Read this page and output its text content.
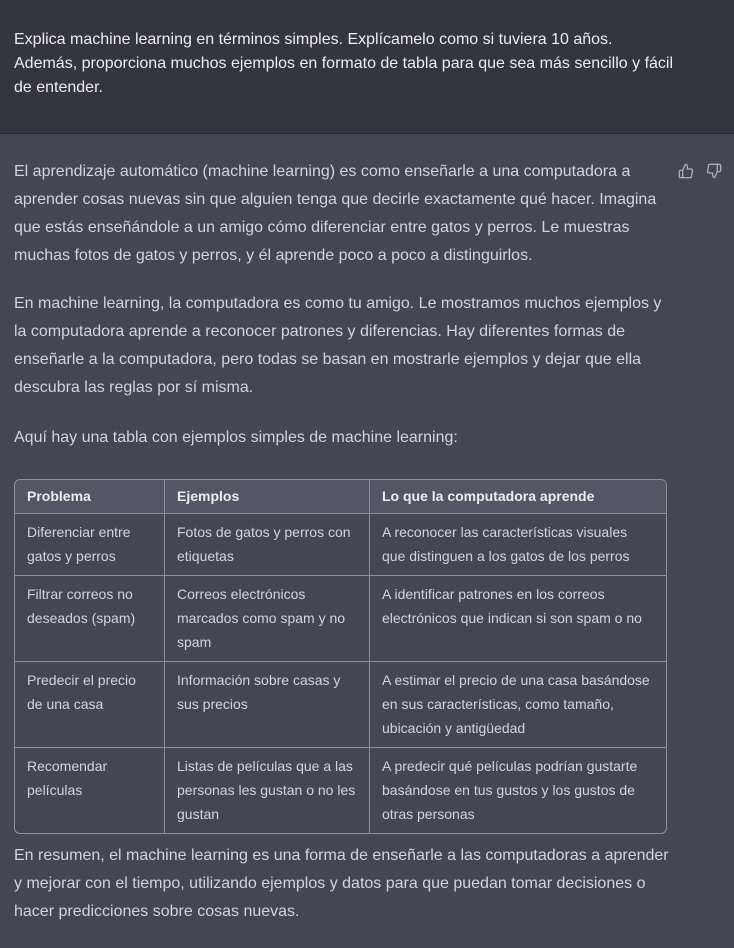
Explica machine learning en términos simples. Explícamelo como si tuviera 10 años. Además, proporciona muchos ejemplos en formato de tabla para que sea más sencillo y fácil de entender.

El aprendizaje automático (machine learning) es como enseñarle a una computadora a aprender cosas nuevas sin que alguien tenga que decirle exactamente qué hacer. Imagina que estás enseñándole a un amigo cómo diferenciar entre gatos y perros. Le muestras muchas fotos de gatos y perros, y él aprende poco a poco a distinguirlos.

En machine learning, la computadora es como tu amigo. Le mostramos muchos ejemplos y la computadora aprende a reconocer patrones y diferencias. Hay diferentes formas de enseñarle a la computadora, pero todas se basan en mostrarle ejemplos y dejar que ella descubra las reglas por sí misma.

Aquí hay una tabla con ejemplos simples de machine learning:

Problema	Ejemplos	Lo que la computadora aprende
Diferenciar entre gatos y perros	Fotos de gatos y perros con etiquetas	A reconocer las características visuales que distinguen a los gatos de los perros
Filtrar correos no deseados (spam)	Correos electrónicos marcados como spam y no spam	A identificar patrones en los correos electrónicos que indican si son spam o no
Predecir el precio de una casa	Información sobre casas y sus precios	A estimar el precio de una casa basándose en sus características, como tamaño, ubicación y antigüedad
Recomendar películas	Listas de películas que a las personas les gustan o no les gustan	A predecir qué películas podrían gustarte basándose en tus gustos y los gustos de otras personas

En resumen, el machine learning es una forma de enseñarle a las computadoras a aprender y mejorar con el tiempo, utilizando ejemplos y datos para que puedan tomar decisiones o hacer predicciones sobre cosas nuevas.
